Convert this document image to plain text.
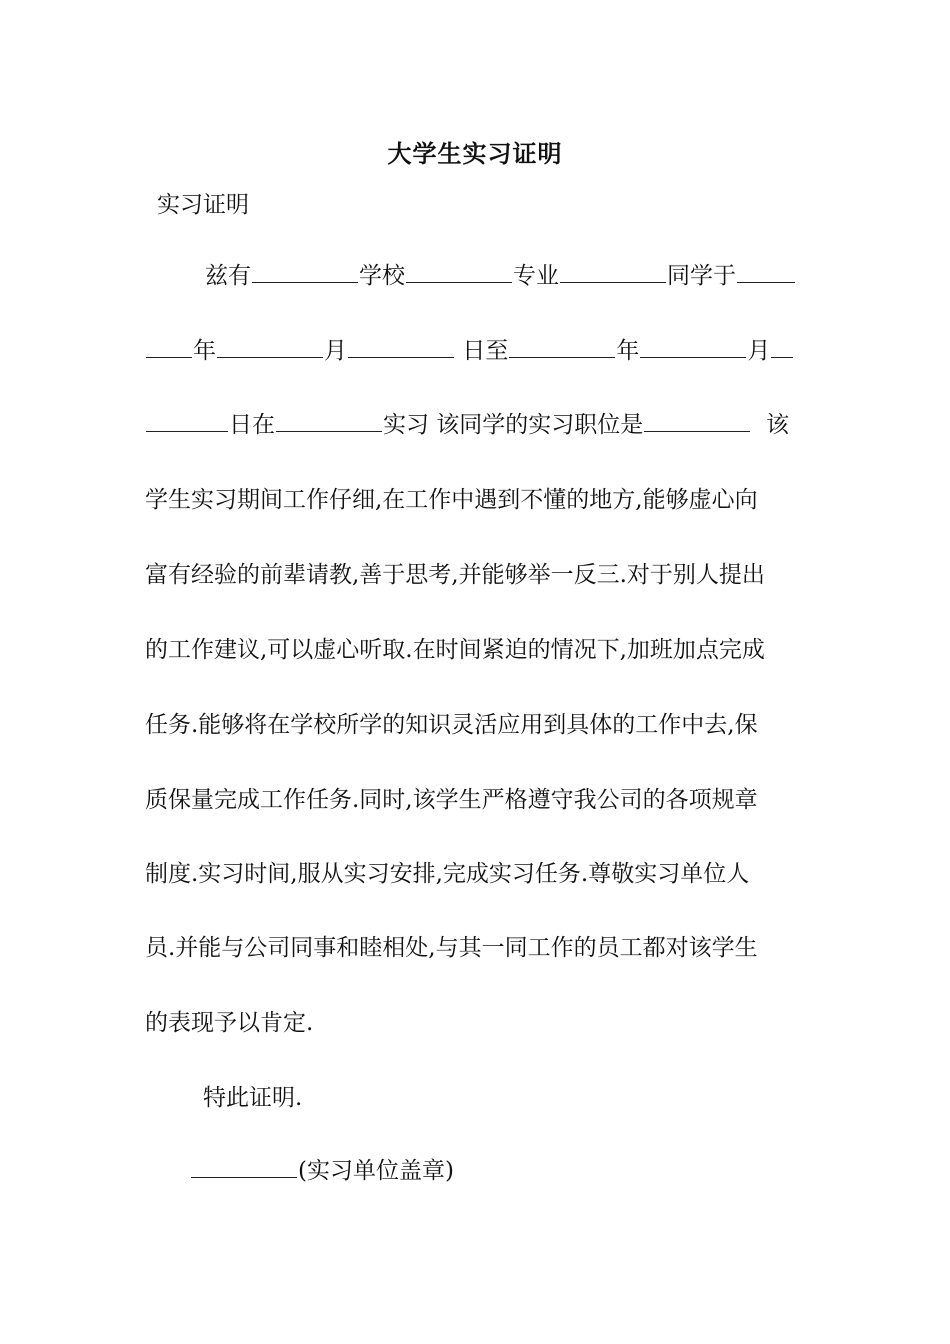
大学生实习证明
实习证明
兹有	学校	专业	同学于
年	月	日至	年	月
日在	实习 该同学的实习职位是	该
学生实习期间工作仔细,在工作中遇到不懂的地方,能够虚心向
富有经验的前辈请教,善于思考,并能够举一反三.对于别人提出
的工作建议,可以虚心听取.在时间紧迫的情况下,加班加点完成
任务.能够将在学校所学的知识灵活应用到具体的工作中去,保
质保量完成工作任务.同时,该学生严格遵守我公司的各项规章
制度.实习时间,服从实习安排,完成实习任务.尊敬实习单位人
员.并能与公司同事和睦相处,与其一同工作的员工都对该学生
的表现予以肯定.
特此证明.
(实习单位盖章)
